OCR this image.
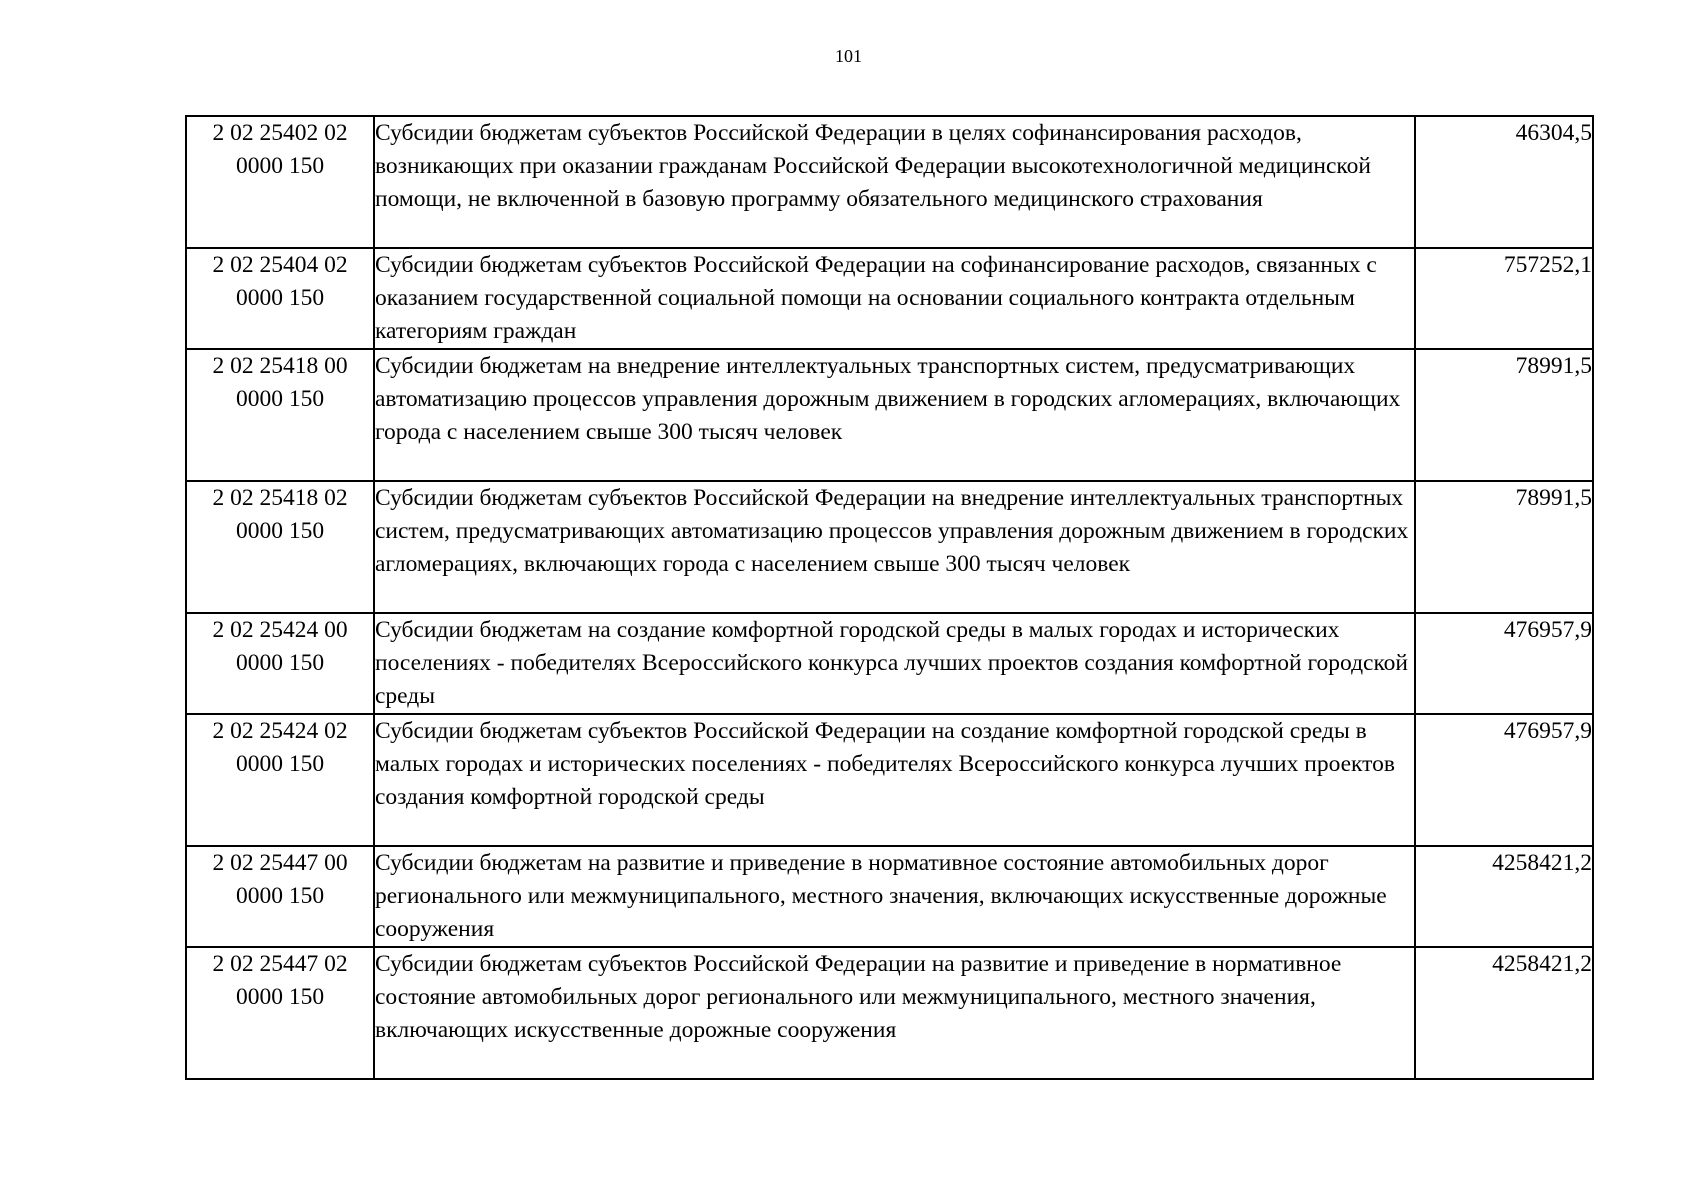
101
2 02 25402 02 0000 150	Субсидии бюджетам субъектов Российской Федерации в целях софинансирования расходов, возникающих при оказании гражданам Российской Федерации высокотехнологичной медицинской помощи, не включенной в базовую программу обязательного медицинского страхования	46304,5
2 02 25404 02 0000 150	Субсидии бюджетам субъектов Российской Федерации на софинансирование расходов, связанных с оказанием государственной социальной помощи на основании социального контракта отдельным категориям граждан	757252,1
2 02 25418 00 0000 150	Субсидии бюджетам на внедрение интеллектуальных транспортных систем, предусматривающих автоматизацию процессов управления дорожным движением в городских агломерациях, включающих города с населением свыше 300 тысяч человек	78991,5
2 02 25418 02 0000 150	Субсидии бюджетам субъектов Российской Федерации на внедрение интеллектуальных транспортных систем, предусматривающих автоматизацию процессов управления дорожным движением в городских агломерациях, включающих города с населением свыше 300 тысяч человек	78991,5
2 02 25424 00 0000 150	Субсидии бюджетам на создание комфортной городской среды в малых городах и исторических поселениях - победителях Всероссийского конкурса лучших проектов создания комфортной городской среды	476957,9
2 02 25424 02 0000 150	Субсидии бюджетам субъектов Российской Федерации на создание комфортной городской среды в малых городах и исторических поселениях - победителях Всероссийского конкурса лучших проектов создания комфортной городской среды	476957,9
2 02 25447 00 0000 150	Субсидии бюджетам на развитие и приведение в нормативное состояние автомобильных дорог регионального или межмуниципального, местного значения, включающих искусственные дорожные сооружения	4258421,2
2 02 25447 02 0000 150	Субсидии бюджетам субъектов Российской Федерации на развитие и приведение в нормативное состояние автомобильных дорог регионального или межмуниципального, местного значения, включающих искусственные дорожные сооружения	4258421,2
